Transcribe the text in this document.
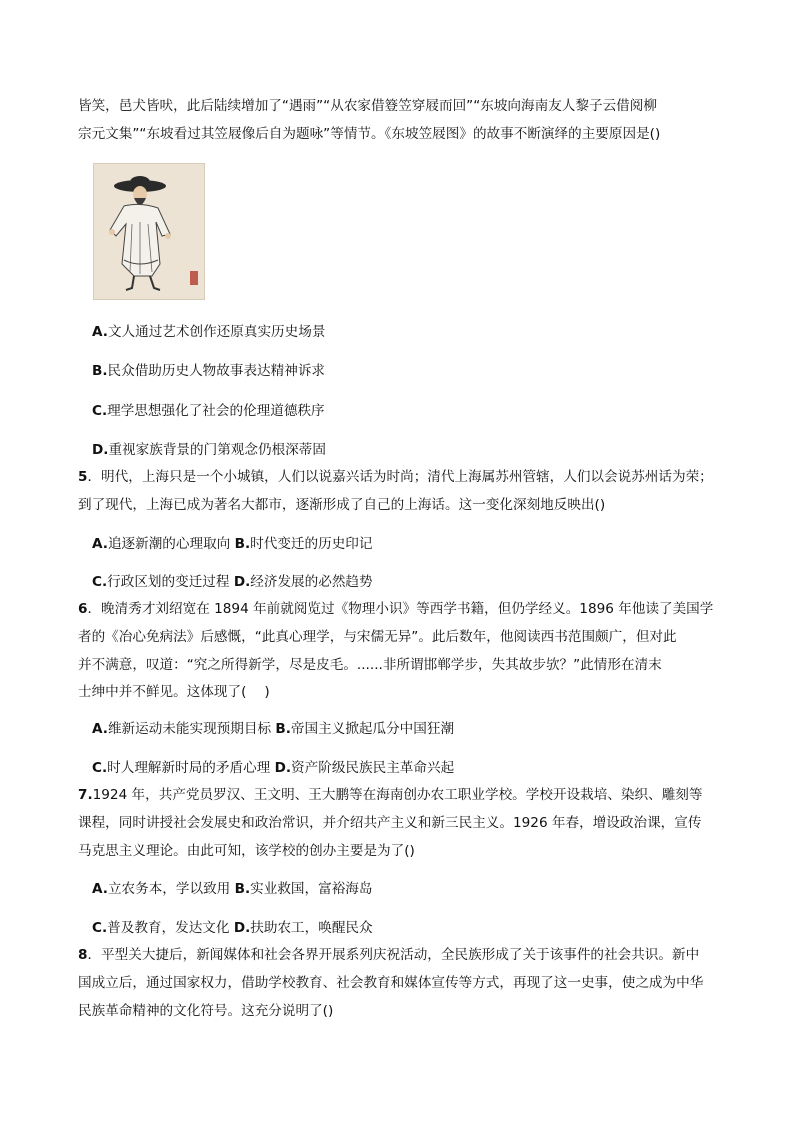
皆笑，邑犬皆吠，此后陆续增加了“遇雨”“从农家借簦笠穿屐而回”“东坡向海南友人黎子云借阅柳
宗元文集”“东坡看过其笠屐像后自为题咏”等情节。《东坡笠屐图》的故事不断演绎的主要原因是()
A.文人通过艺术创作还原真实历史场景
B.民众借助历史人物故事表达精神诉求
C.理学思想强化了社会的伦理道德秩序
D.重视家族背景的门第观念仍根深蒂固
5．明代，上海只是一个小城镇，人们以说嘉兴话为时尚；清代上海属苏州管辖，人们以会说苏州话为荣；
到了现代，上海已成为著名大都市，逐渐形成了自己的上海话。这一变化深刻地反映出()
A.追逐新潮的心理取向 B.时代变迁的历史印记
C.行政区划的变迁过程 D.经济发展的必然趋势
6．晚清秀才刘绍宽在 1894 年前就阅览过《物理小识》等西学书籍，但仍学经义。1896 年他读了美国学
者的《冶心免病法》后感慨，“此真心理学，与宋儒无异”。此后数年，他阅读西书范围颇广，但对此
并不满意，叹道：“究之所得新学，尽是皮毛。......非所谓邯郸学步，失其故步欤？”此情形在清末
士绅中并不鲜见。这体现了(　 )
A.维新运动未能实现预期目标 B.帝国主义掀起瓜分中国狂潮
C.时人理解新时局的矛盾心理 D.资产阶级民族民主革命兴起
7.1924 年，共产党员罗汉、王文明、王大鹏等在海南创办农工职业学校。学校开设栽培、染织、雕刻等
课程，同时讲授社会发展史和政治常识，并介绍共产主义和新三民主义。1926 年春，增设政治课，宣传
马克思主义理论。由此可知，该学校的创办主要是为了()
A.立农务本，学以致用 B.实业救国，富裕海岛
C.普及教育，发达文化 D.扶助农工，唤醒民众
8．平型关大捷后，新闻媒体和社会各界开展系列庆祝活动，全民族形成了关于该事件的社会共识。新中
国成立后，通过国家权力，借助学校教育、社会教育和媒体宣传等方式，再现了这一史事，使之成为中华
民族革命精神的文化符号。这充分说明了()
